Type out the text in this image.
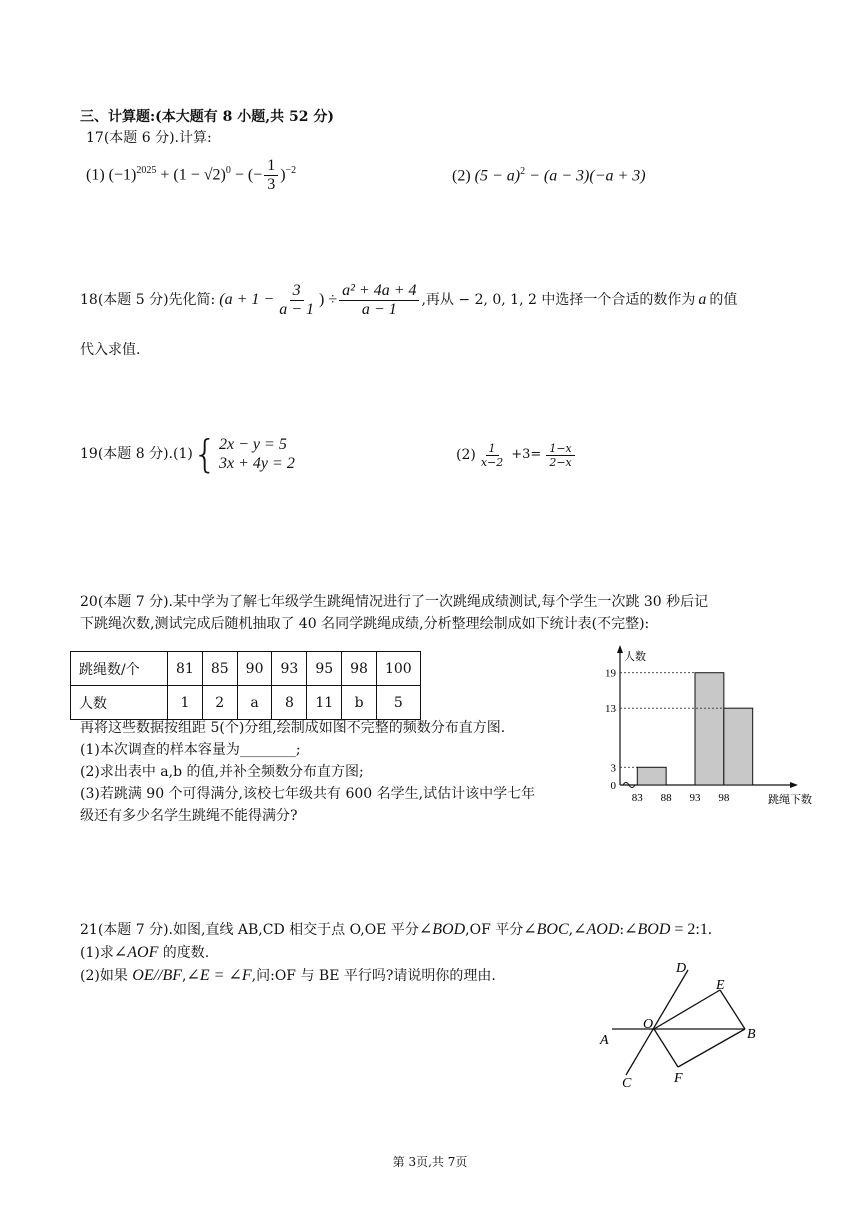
三、计算题:(本大题有 8 小题,共 52 分)
17(本题 6 分).计算:
(1) $(-1)^{2025} + (1 - √2)^0$ − (− $\frac{1}{3} )^{-2}$	(2) $(5 - a)^2 - (a - 3)(-a + 3)$
18(本题 5 分)先化简: ($a + 1 - \frac{3}{a - 1}$ ) ÷ $\frac{\text{a² + 4a + 4}}{a - 1}$ ,再从 − 2, 0, 1, 2 中选择一个合适的数作为 a 的值
代入求值.
19(本题 8 分).(1) { 2x − y = 5
3x + 4y = 2	$(2) \frac{1}{x-2} +3= \frac{1-x}{2-x}$
20(本题 7 分).某中学为了解七年级学生跳绳情况进行了一次跳绳成绩测试,每个学生一次跳 30 秒后记
下跳绳次数,测试完成后随机抽取了 40 名同学跳绳成绩,分析整理绘制成如下统计表(不完整):
跳绳数/个	81	85	90	93	95	98	100
人数	1	2	a	8	11	b	5
再将这些数据按组距 5(个)分组,绘制成如图不完整的频数分布直方图.
(1)本次调查的样本容量为________;
(2)求出表中 a,b 的值,并补全频数分布直方图;
(3)若跳满 90 个可得满分,该校七年级共有 600 名学生,试估计该中学七年
级还有多少名学生跳绳不能得满分?
人数
跳绳下数
0
3
13
19
83 88 93 98
21(本题 7 分).如图,直线 AB,CD 相交于点 O,OE 平分∠BOD,OF 平分∠BOC,∠AOD:∠BOD = 2:1.
(1)求∠AOF 的度数.
(2)如果 OE//BF,∠E = ∠F,问:OF 与 BE 平行吗?请说明你的理由.
A	B
C
D
E
F
O
第 3页,共 7页
